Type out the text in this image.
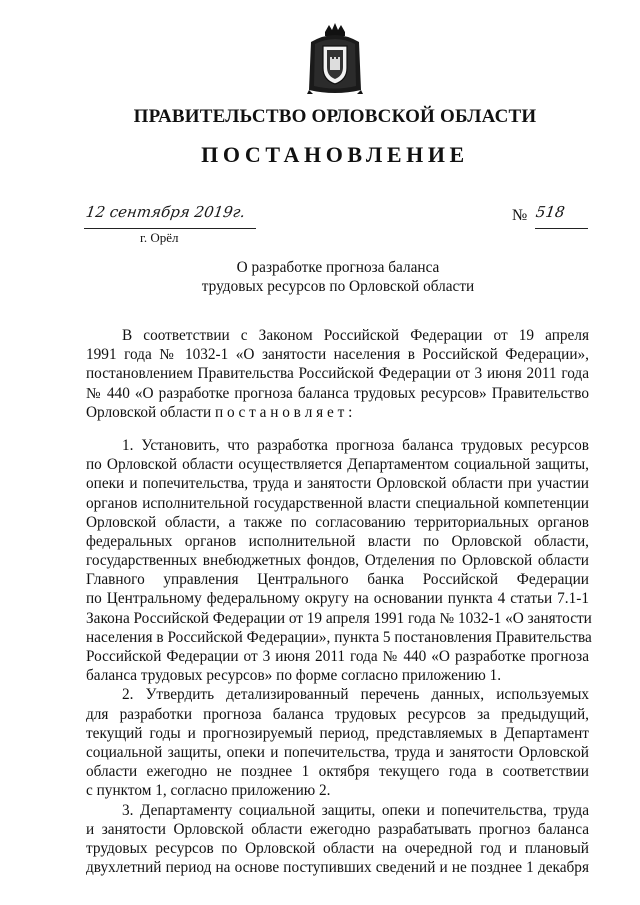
ПРАВИТЕЛЬСТВО ОРЛОВСКОЙ ОБЛАСТИ
ПОСТАНОВЛЕНИЕ
12 сентября 2019г.
г. Орёл
№ 518
О разработке прогноза баланса
трудовых ресурсов по Орловской области
В соответствии с Законом Российской Федерации от 19 апреля
1991 года № 1032-1 «О занятости населения в Российской Федерации»,
постановлением Правительства Российской Федерации от 3 июня 2011 года
№ 440 «О разработке прогноза баланса трудовых ресурсов» Правительство
Орловской области п о с т а н о в л я е т :
1. Установить, что разработка прогноза баланса трудовых ресурсов
по Орловской области осуществляется Департаментом социальной защиты,
опеки и попечительства, труда и занятости Орловской области при участии
органов исполнительной государственной власти специальной компетенции
Орловской области, а также по согласованию территориальных органов
федеральных органов исполнительной власти по Орловской области,
государственных внебюджетных фондов, Отделения по Орловской области
Главного управления Центрального банка Российской Федерации
по Центральному федеральному округу на основании пункта 4 статьи 7.1-1
Закона Российской Федерации от 19 апреля 1991 года № 1032-1 «О занятости
населения в Российской Федерации», пункта 5 постановления Правительства
Российской Федерации от 3 июня 2011 года № 440 «О разработке прогноза
баланса трудовых ресурсов» по форме согласно приложению 1.
2. Утвердить детализированный перечень данных, используемых
для разработки прогноза баланса трудовых ресурсов за предыдущий,
текущий годы и прогнозируемый период, представляемых в Департамент
социальной защиты, опеки и попечительства, труда и занятости Орловской
области ежегодно не позднее 1 октября текущего года в соответствии
с пунктом 1, согласно приложению 2.
3. Департаменту социальной защиты, опеки и попечительства, труда
и занятости Орловской области ежегодно разрабатывать прогноз баланса
трудовых ресурсов по Орловской области на очередной год и плановый
двухлетний период на основе поступивших сведений и не позднее 1 декабря
